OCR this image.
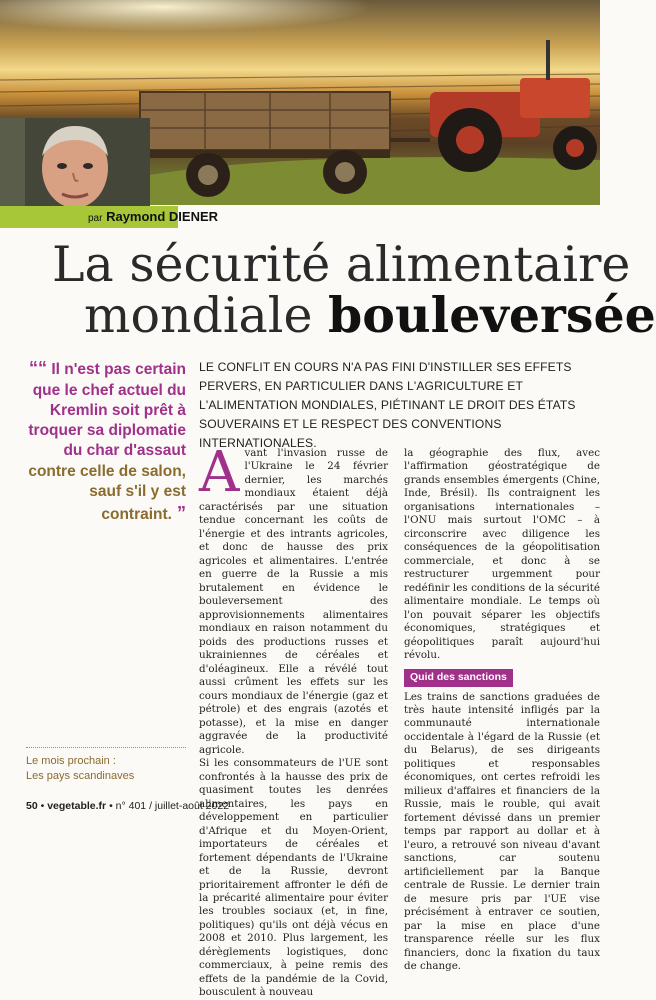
par Raymond DIENER
La sécurité alimentaire
mondiale bouleversée
““ Il n'est pas certain que le chef actuel du Kremlin soit prêt à troquer sa diplomatie du char d'assaut contre celle de salon, sauf s'il y est contraint. ”
LE CONFLIT EN COURS N'A PAS FINI D'INSTILLER SES EFFETS PERVERS, EN PARTICULIER DANS L'AGRICULTURE ET L'ALIMENTATION MONDIALES, PIÉTINANT LE DROIT DES ÉTATS SOUVERAINS ET LE RESPECT DES CONVENTIONS INTERNATIONALES.

Avant l'invasion russe de l'Ukraine le 24 février dernier, les marchés mondiaux étaient déjà caractérisés par une situation tendue concernant les coûts de l'énergie et des intrants agricoles, et donc de hausse des prix agricoles et alimentaires. L'entrée en guerre de la Russie a mis brutalement en évidence le bouleversement des approvisionnements alimentaires mondiaux en raison notamment du poids des productions russes et ukrainiennes de céréales et d'oléagineux. Elle a révélé tout aussi crûment les effets sur les cours mondiaux de l'énergie (gaz et pétrole) et des engrais (azotés et potasse), et la mise en danger aggravée de la productivité agricole.

Si les consommateurs de l'UE sont confrontés à la hausse des prix de quasiment toutes les denrées alimentaires, les pays en développement en particulier d'Afrique et du Moyen-Orient, importateurs de céréales et fortement dépendants de l'Ukraine et de la Russie, devront prioritairement affronter le défi de la précarité alimentaire pour éviter les troubles sociaux (et, in fine, politiques) qu'ils ont déjà vécus en 2008 et 2010. Plus largement, les dérèglements logistiques, donc commerciaux, à peine remis des effets de la pandémie de la Covid, bousculent à nouveau

la géographie des flux, avec l'affirmation géostratégique de grands ensembles émergents (Chine, Inde, Brésil). Ils contraignent les organisations internationales – l'ONU mais surtout l'OMC – à circonscrire avec diligence les conséquences de la géopolitisation commerciale, et donc à se restructurer urgemment pour redéfinir les conditions de la sécurité alimentaire mondiale. Le temps où l'on pouvait séparer les objectifs économiques, stratégiques et géopolitiques paraît aujourd'hui révolu.

Quid des sanctions

Les trains de sanctions graduées de très haute intensité infligés par la communauté internationale occidentale à l'égard de la Russie (et du Belarus), de ses dirigeants politiques et responsables économiques, ont certes refroidi les milieux d'affaires et financiers de la Russie, mais le rouble, qui avait fortement dévissé dans un premier temps par rapport au dollar et à l'euro, a retrouvé son niveau d'avant sanctions, car soutenu artificiellement par la Banque centrale de Russie. Le dernier train de mesure pris par l'UE vise précisément à entraver ce soutien, par la mise en place d'une transparence réelle sur les flux financiers, donc la fixation du taux de change.

Le mois prochain :
Les pays scandinaves
50 • vegetable.fr • n° 401 / juillet-août 2022
